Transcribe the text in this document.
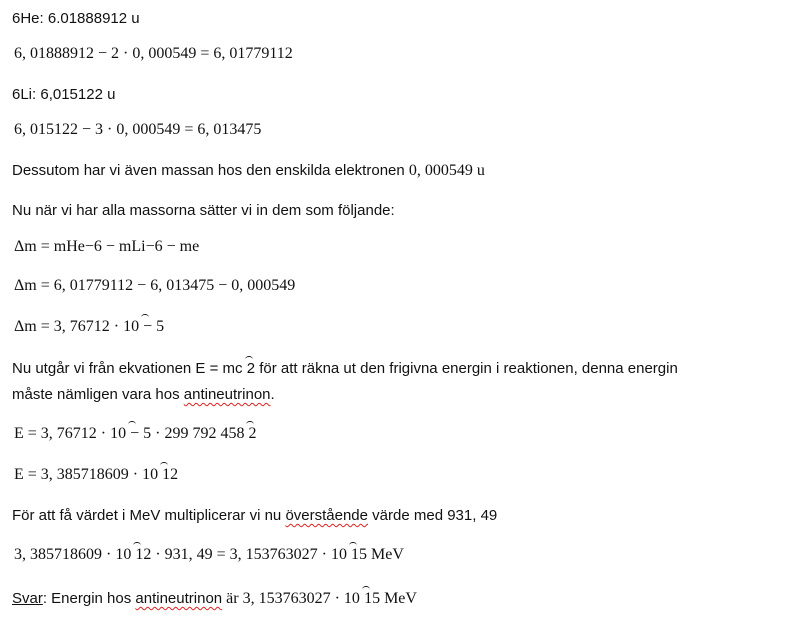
6He: 6.01888912 u
6, 01888912 − 2 · 0, 000549 = 6, 01779112
6Li: 6,015122 u
6, 015122 − 3 · 0, 000549 = 6, 013475
Dessutom har vi även massan hos den enskilda elektronen 0, 000549 u
Nu när vi har alla massorna sätter vi in dem som följande:
Δm = mHe−6 − mLi−6 − me
Δm = 6, 01779112 − 6, 013475 − 0, 000549
Δm = 3, 76712 · 10 − 5
Nu utgår vi från ekvationen E = mc 2 för att räkna ut den frigivna energin i reaktionen, denna energin
måste nämligen vara hos antineutrinon.
E = 3, 76712 · 10 − 5 · 299 792 458 2
E = 3, 385718609 · 10 12
För att få värdet i MeV multiplicerar vi nu överstående värde med 931, 49
3, 385718609 · 10 12 · 931, 49 = 3, 153763027 · 10 15 MeV
Svar: Energin hos antineutrinon är 3, 153763027 · 10 15 MeV
